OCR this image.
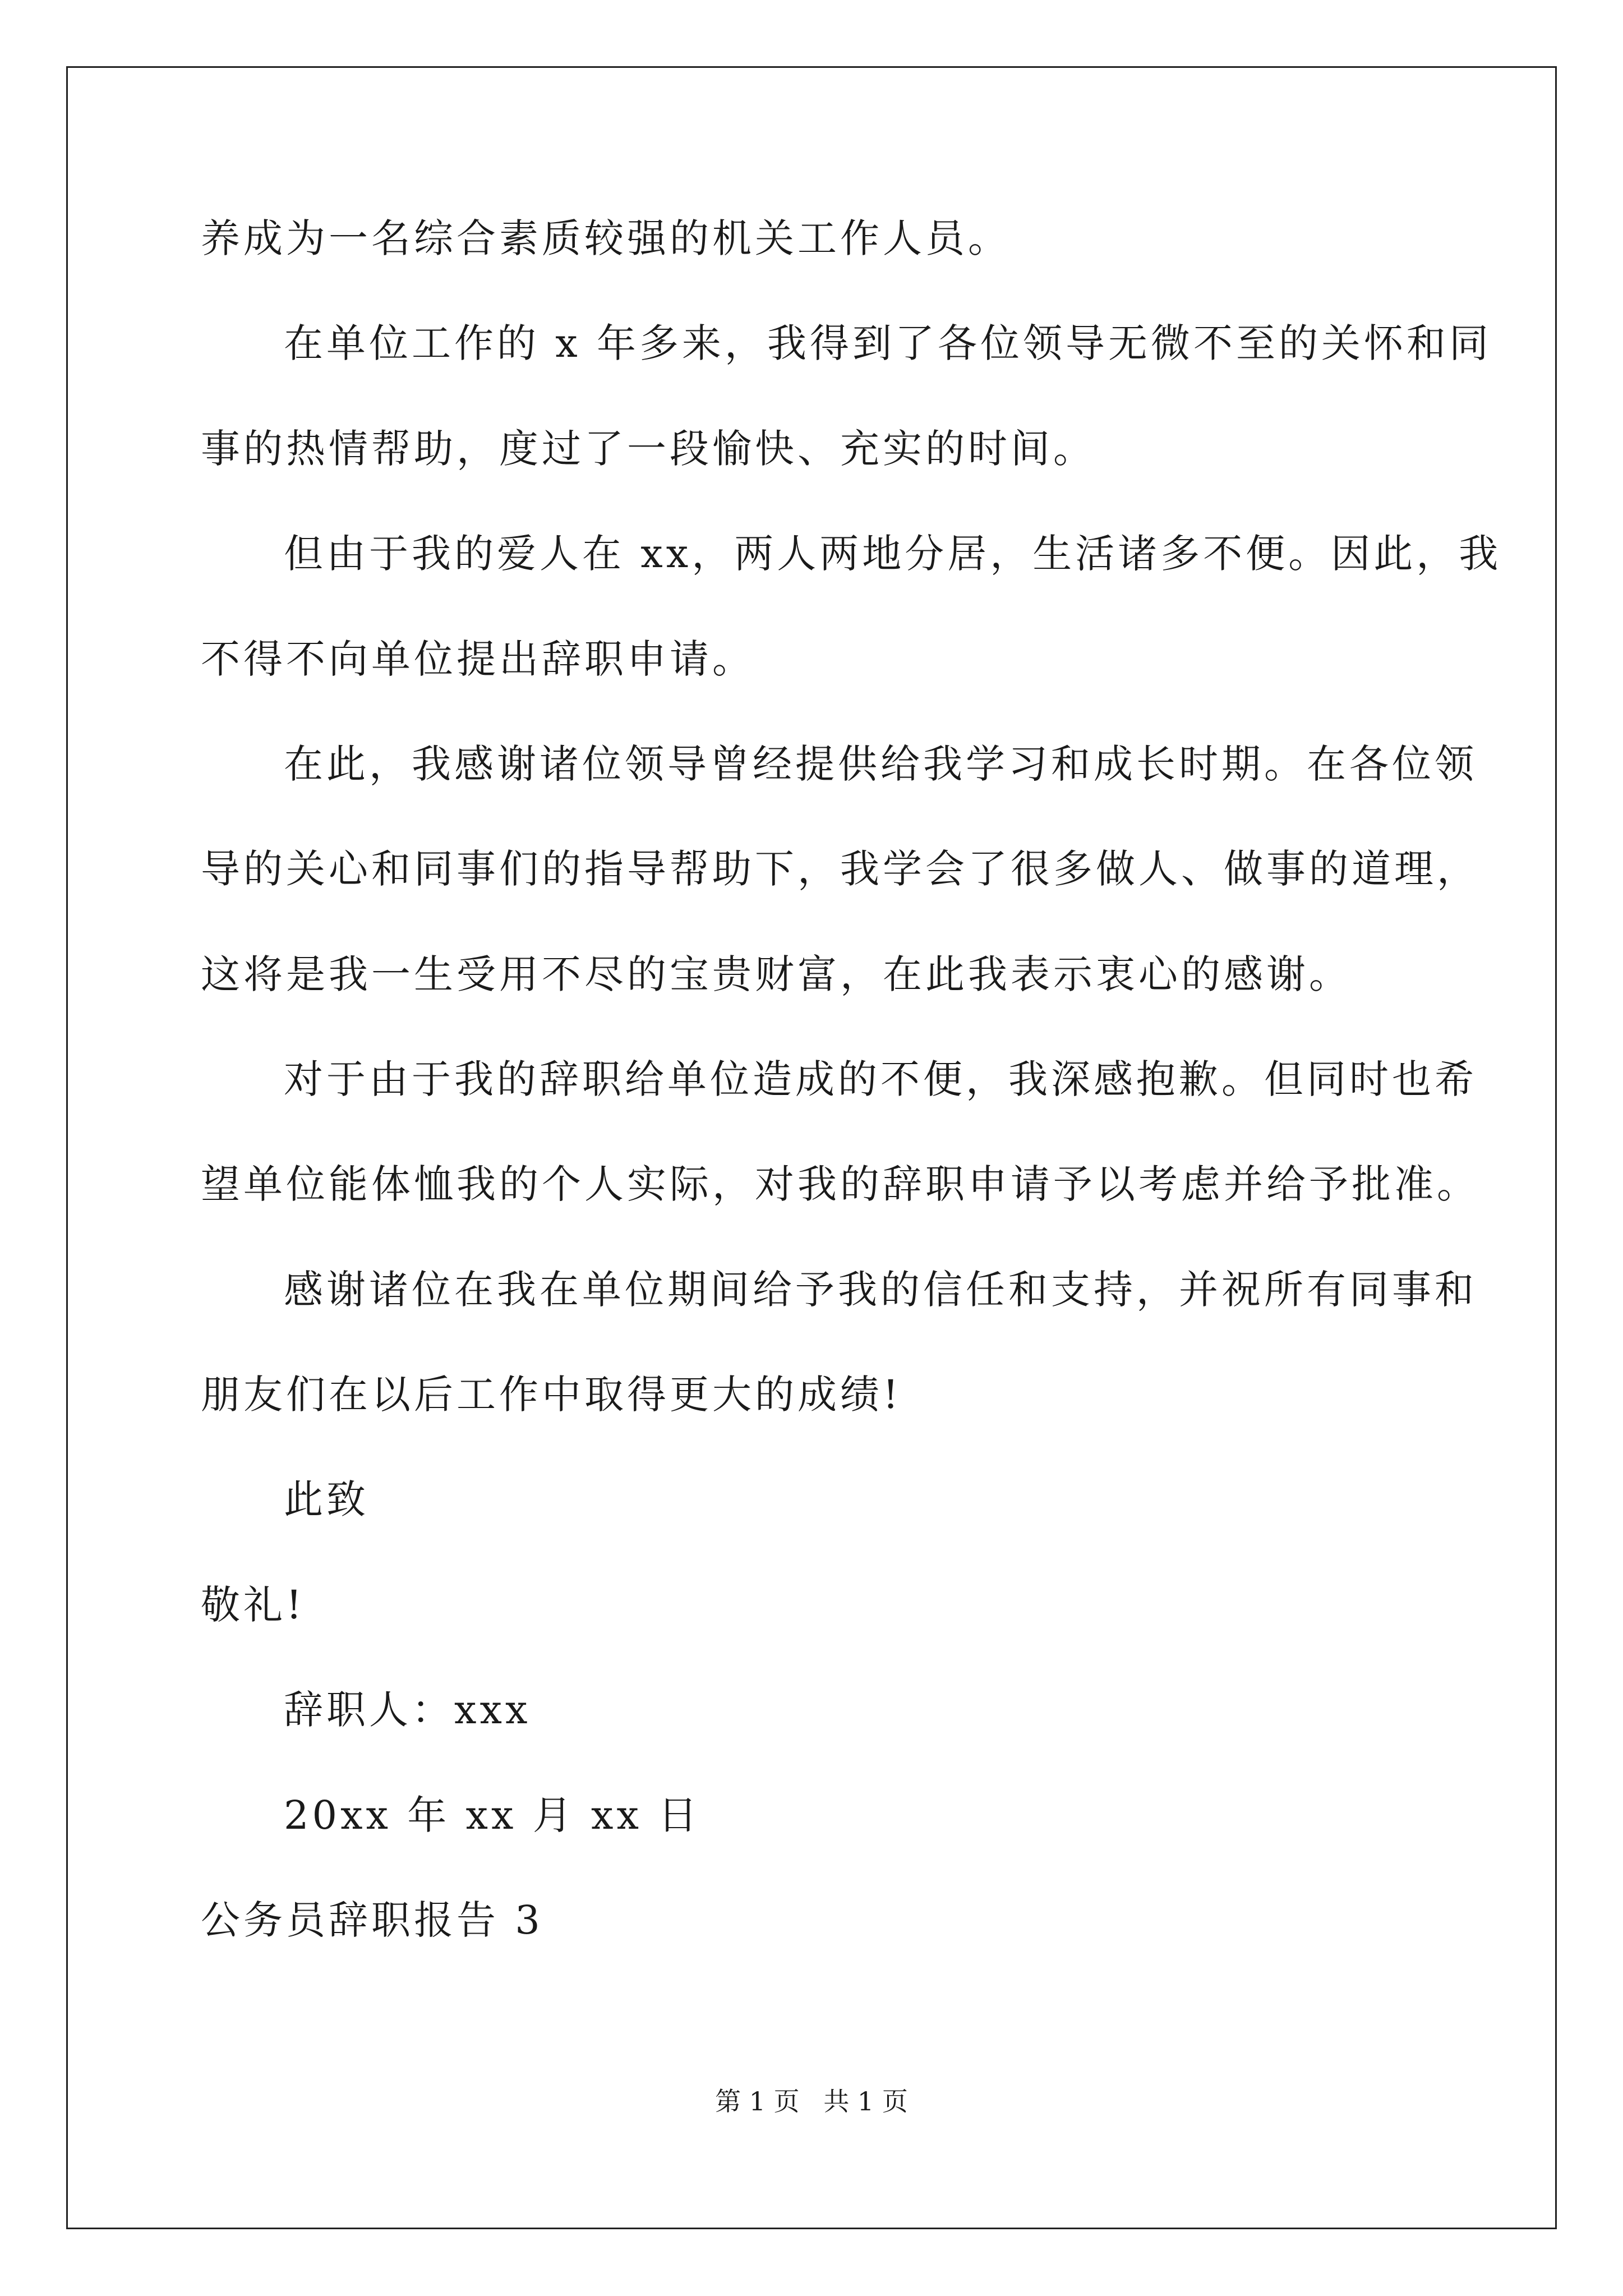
养成为一名综合素质较强的机关工作人员。
在单位工作的 x 年多来，我得到了各位领导无微不至的关怀和同
事的热情帮助，度过了一段愉快、充实的时间。
但由于我的爱人在 xx，两人两地分居，生活诸多不便。因此，我
不得不向单位提出辞职申请。
在此，我感谢诸位领导曾经提供给我学习和成长时期。在各位领
导的关心和同事们的指导帮助下，我学会了很多做人、做事的道理，
这将是我一生受用不尽的宝贵财富，在此我表示衷心的感谢。
对于由于我的辞职给单位造成的不便，我深感抱歉。但同时也希
望单位能体恤我的个人实际，对我的辞职申请予以考虑并给予批准。
感谢诸位在我在单位期间给予我的信任和支持，并祝所有同事和
朋友们在以后工作中取得更大的成绩!
此致
敬礼!
辞职人：xxx
20xx 年 xx 月 xx 日
公务员辞职报告 3
第 1 页 共 1 页
